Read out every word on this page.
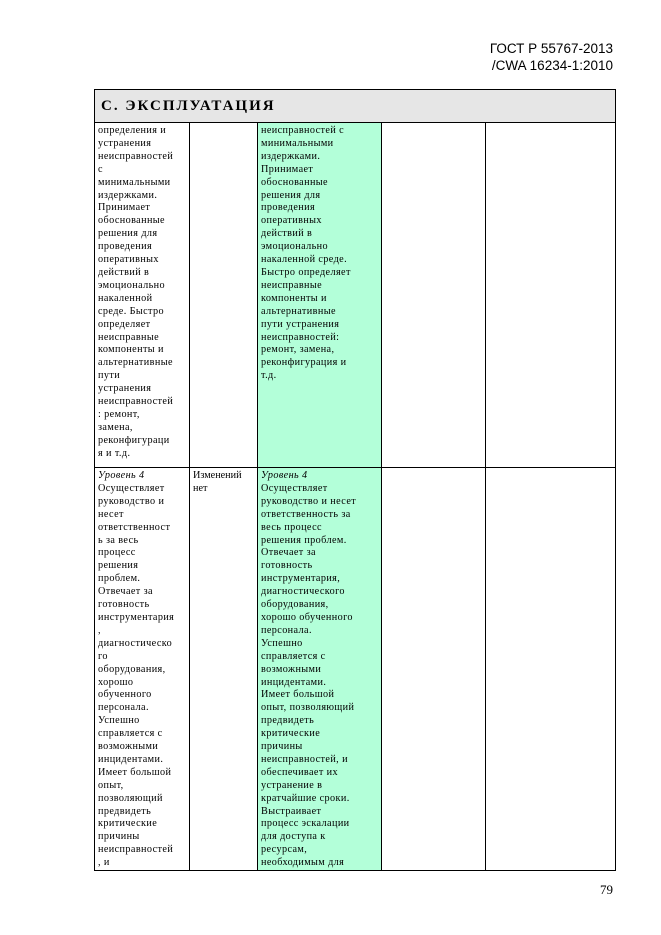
ГОСТ Р 55767-2013
/CWA 16234-1:2010
С. ЭКСПЛУАТАЦИЯ
определения и
устранения
неисправностей
с
минимальными
издержками.
Принимает
обоснованные
решения для
проведения
оперативных
действий в
эмоционально
накаленной
среде. Быстро
определяет
неисправные
компоненты и
альтернативные
пути
устранения
неисправностей
: ремонт,
замена,
реконфигураци
я и т.д.
неисправностей с
минимальными
издержками.
Принимает
обоснованные
решения для
проведения
оперативных
действий в
эмоционально
накаленной среде.
Быстро определяет
неисправные
компоненты и
альтернативные
пути устранения
неисправностей:
ремонт, замена,
реконфигурация и
т.д.
Уровень 4
Осуществляет
руководство и
несет
ответственност
ь за весь
процесс
решения
проблем.
Отвечает за
готовность
инструментария
,
диагностическо
го
оборудования,
хорошо
обученного
персонала.
Успешно
справляется с
возможными
инцидентами.
Имеет большой
опыт,
позволяющий
предвидеть
критические
причины
неисправностей
, и
Изменений
нет
Уровень 4
Осуществляет
руководство и несет
ответственность за
весь процесс
решения проблем.
Отвечает за
готовность
инструментария,
диагностического
оборудования,
хорошо обученного
персонала.
Успешно
справляется с
возможными
инцидентами.
Имеет большой
опыт, позволяющий
предвидеть
критические
причины
неисправностей, и
обеспечивает их
устранение в
кратчайшие сроки.
Выстраивает
процесс эскалации
для доступа к
ресурсам,
необходимым для
79
